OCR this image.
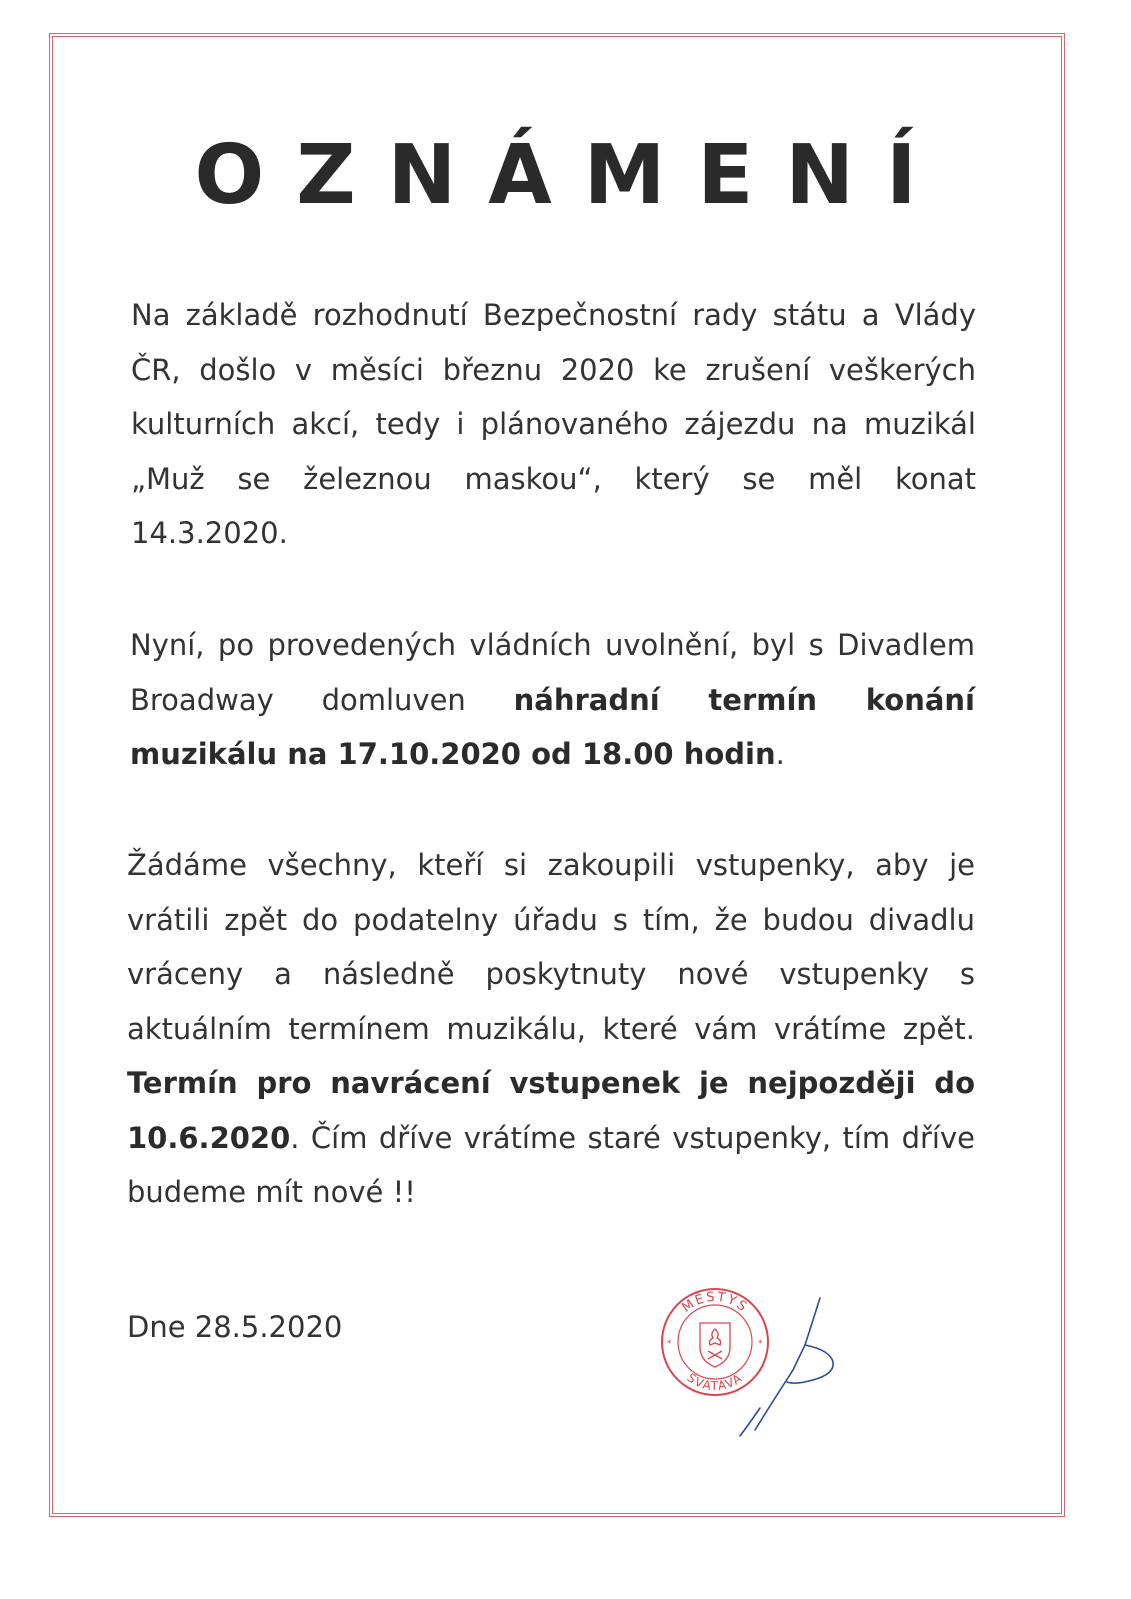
OZNÁMENÍ
Na základě rozhodnutí Bezpečnostní rady státu a Vlády ČR, došlo v měsíci březnu 2020 ke zrušení veškerých kulturních akcí, tedy i plánovaného zájezdu na muzikál „Muž se železnou maskou“, který se měl konat 14.3.2020.
Nyní, po provedených vládních uvolnění, byl s Divadlem Broadway domluven náhradní termín konání muzikálu na 17.10.2020 od 18.00 hodin.
Žádáme všechny, kteří si zakoupili vstupenky, aby je vrátili zpět do podatelny úřadu s tím, že budou divadlu vráceny a následně poskytnuty nové vstupenky s aktuálním termínem muzikálu, které vám vrátíme zpět. Termín pro navrácení vstupenek je nejpozději do 10.6.2020. Čím dříve vrátíme staré vstupenky, tím dříve budeme mít nové !!
Dne 28.5.2020
MĚSTYS
SVATAVA
*	*
